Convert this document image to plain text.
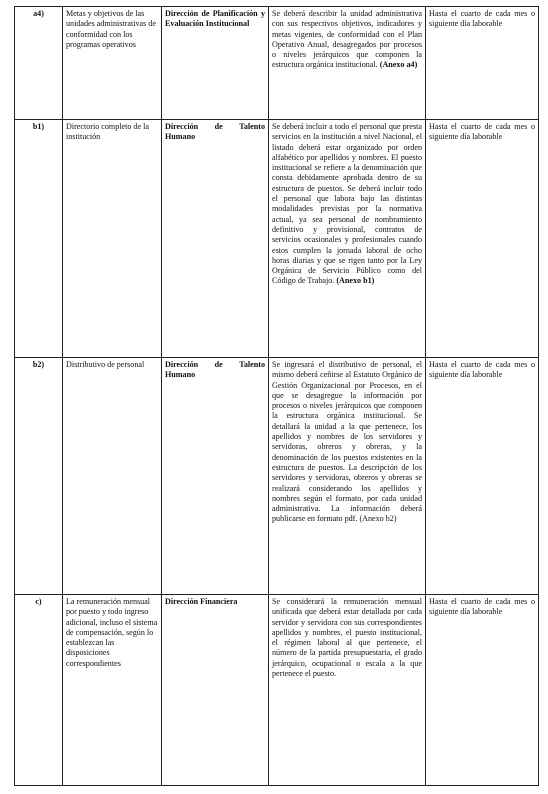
a4)	Metas y objetivos de las unidades administrativas de conformidad con los programas operativos	Dirección de Planificación y Evaluación Institucional	Se deberá describir la unidad administrativa con sus respectivos objetivos, indicadores y metas vigentes, de conformidad con el Plan Operativo Anual, desagregados por procesos o niveles jerárquicos que componen la estructura orgánica institucional. (Anexo a4)	Hasta el cuarto de cada mes o siguiente día laborable
b1)	Directorio completo de la institución	Dirección de Talento Humano	Se deberá incluir a todo el personal que presta servicios en la institución a nivel Nacional, el listado deberá estar organizado por orden alfabético por apellidos y nombres. El puesto institucional se refiere a la denominación que consta debidamente aprobada dentro de su estructura de puestos. Se deberá incluir todo el personal que labora bajo las distintas modalidades previstas por la normativa actual, ya sea personal de nombramiento definitivo y provisional, contratos de servicios ocasionales y profesionales cuando estos cumplen la jornada laboral de ocho horas diarias y que se rigen tanto por la Ley Orgánica de Servicio Público como del Código de Trabajo. (Anexo b1)	Hasta el cuarto de cada mes o siguiente día laborable
b2)	Distributivo de personal	Dirección de Talento Humano	Se ingresará el distributivo de personal, el mismo deberá ceñirse al Estatuto Orgánico de Gestión Organizacional por Procesos, en el que se desagregue la información por procesos o niveles jerárquicos que componen la estructura orgánica institucional. Se detallará la unidad a la que pertenece, los apellidos y nombres de los servidores y servidoras, obreros y obreras, y la denominación de los puestos existentes en la estructura de puestos. La descripción de los servidores y servidoras, obreros y obreras se realizará considerando los apellidos y nombres según el formato, por cada unidad administrativa. La información deberá publicarse en formato pdf. (Anexo b2)	Hasta el cuarto de cada mes o siguiente día laborable
c)	La remuneración mensual por puesto y todo ingreso adicional, incluso el sistema de compensación, según lo establezcan las disposiciones correspondientes	Dirección Financiera	Se considerará la remuneración mensual unificada que deberá estar detallada por cada servidor y servidora con sus correspondientes apellidos y nombres, el puesto institucional, el régimen laboral al que pertenece, el número de la partida presupuestaria, el grado jerárquico, ocupacional o escala a la que pertenece el puesto.	Hasta el cuarto de cada mes o siguiente día laborable
